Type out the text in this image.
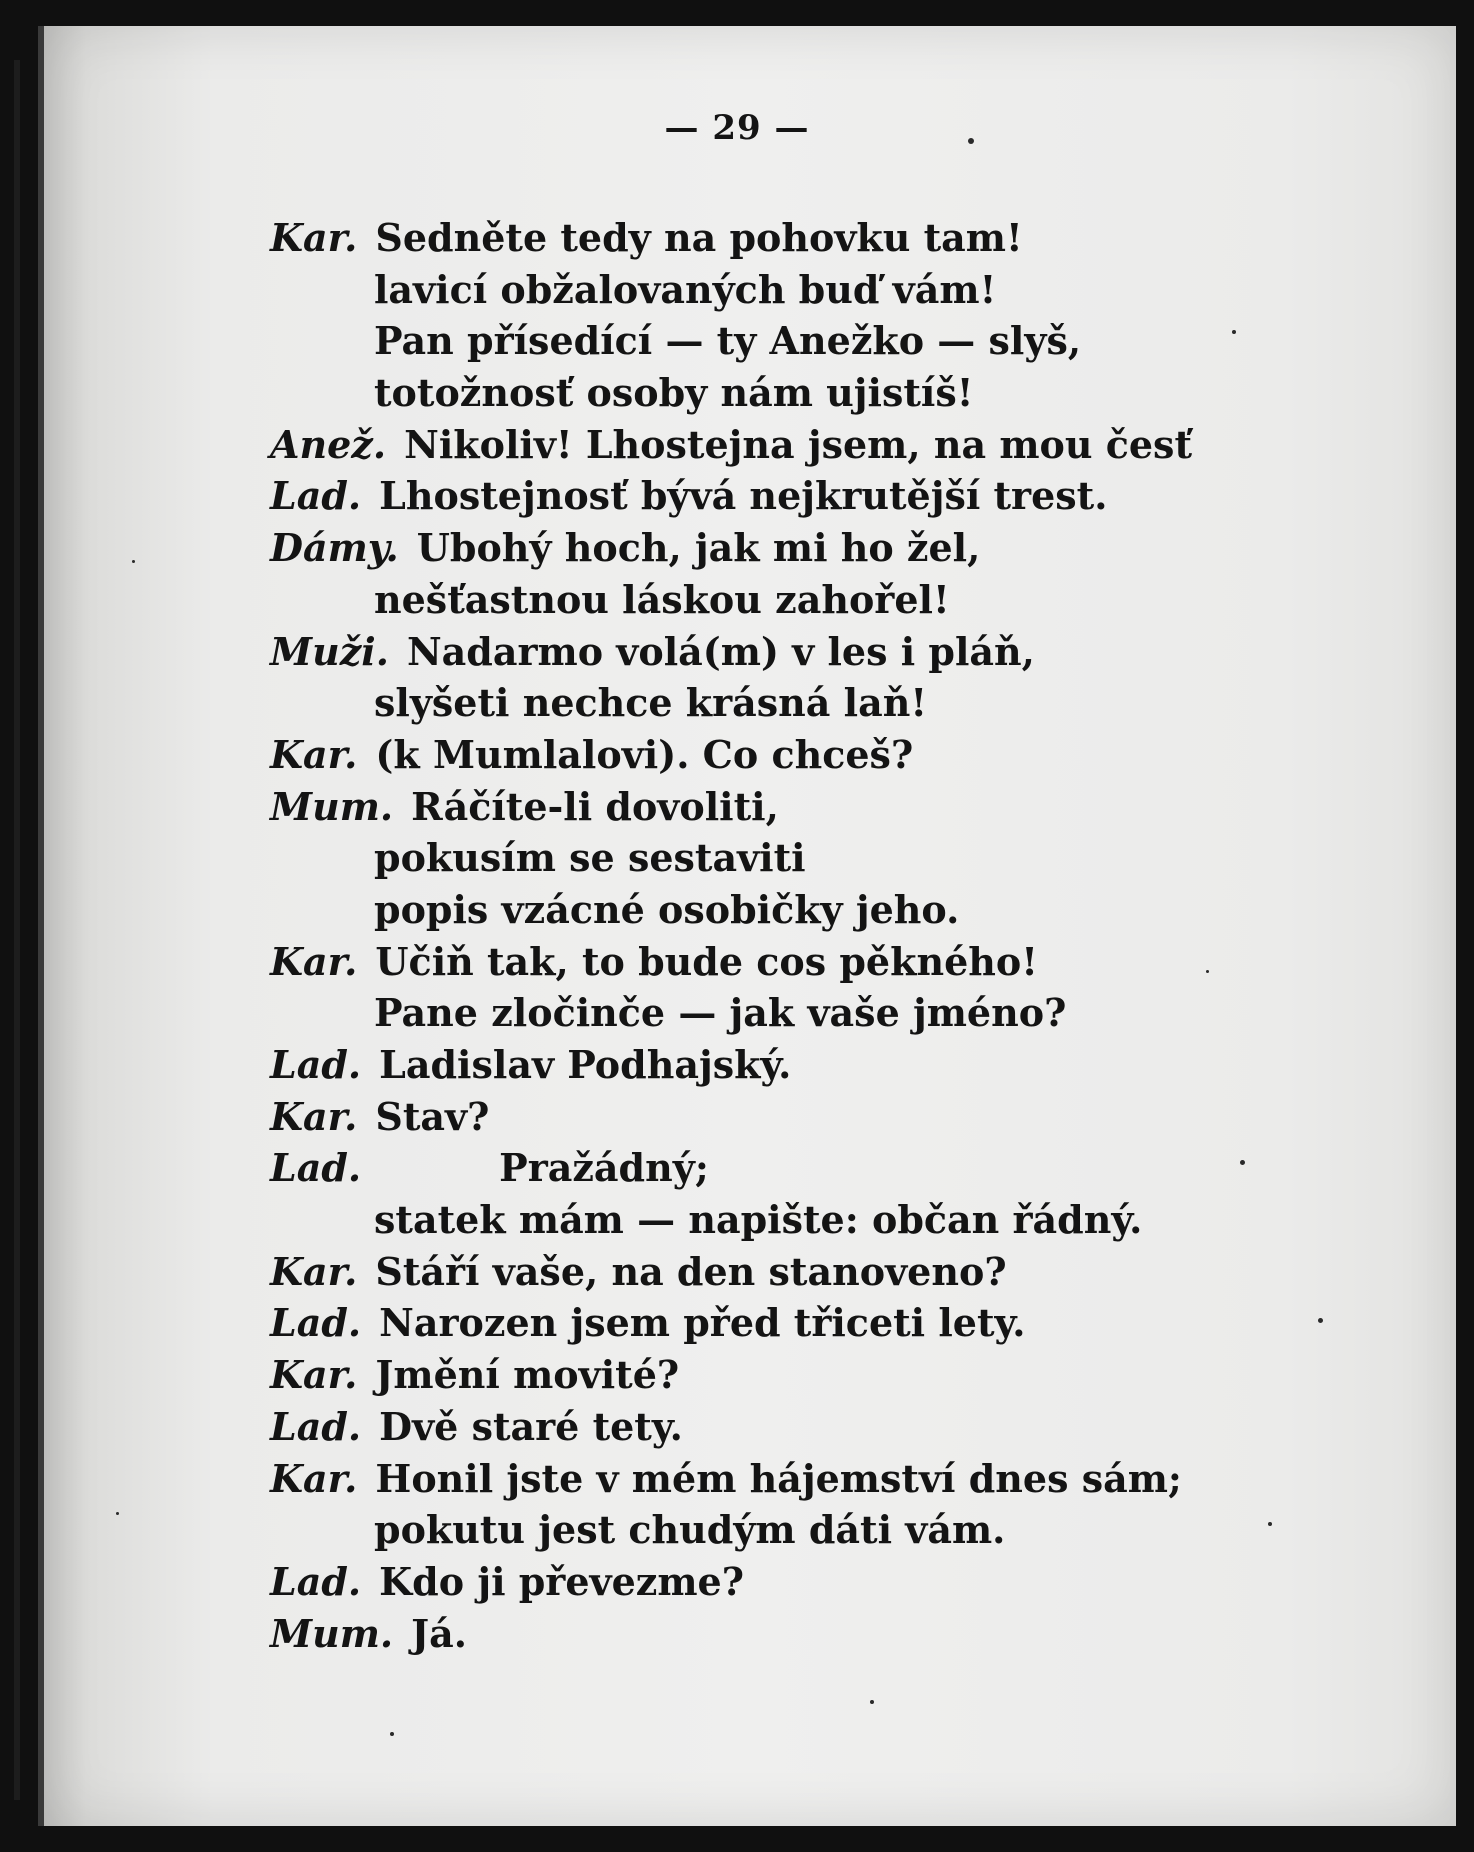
— 29 —
Kar. Sedněte tedy na pohovku tam!
lavicí obžalovaných buď vám!
Pan přísedící — ty Anežko — slyš,
totožnosť osoby nám ujistíš!
Anež. Nikoliv! Lhostejna jsem, na mou česť
Lad. Lhostejnosť bývá nejkrutější trest.
Dámy. Ubohý hoch, jak mi ho žel,
nešťastnou láskou zahořel!
Muži. Nadarmo volá(m) v les i pláň,
slyšeti nechce krásná laň!
Kar. (k Mumlalovi). Co chceš?
Mum. Ráčíte-li dovoliti,
pokusím se sestaviti
popis vzácné osobičky jeho.
Kar. Učiň tak, to bude cos pěkného!
Pane zločinče — jak vaše jméno?
Lad. Ladislav Podhajský.
Kar. Stav?
Lad.	Pražádný;
statek mám — napište: občan řádný.
Kar. Stáří vaše, na den stanoveno?
Lad. Narozen jsem před třiceti lety.
Kar. Jmění movité?
Lad. Dvě staré tety.
Kar. Honil jste v mém hájemství dnes sám;
pokutu jest chudým dáti vám.
Lad. Kdo ji převezme?
Mum. Já.
